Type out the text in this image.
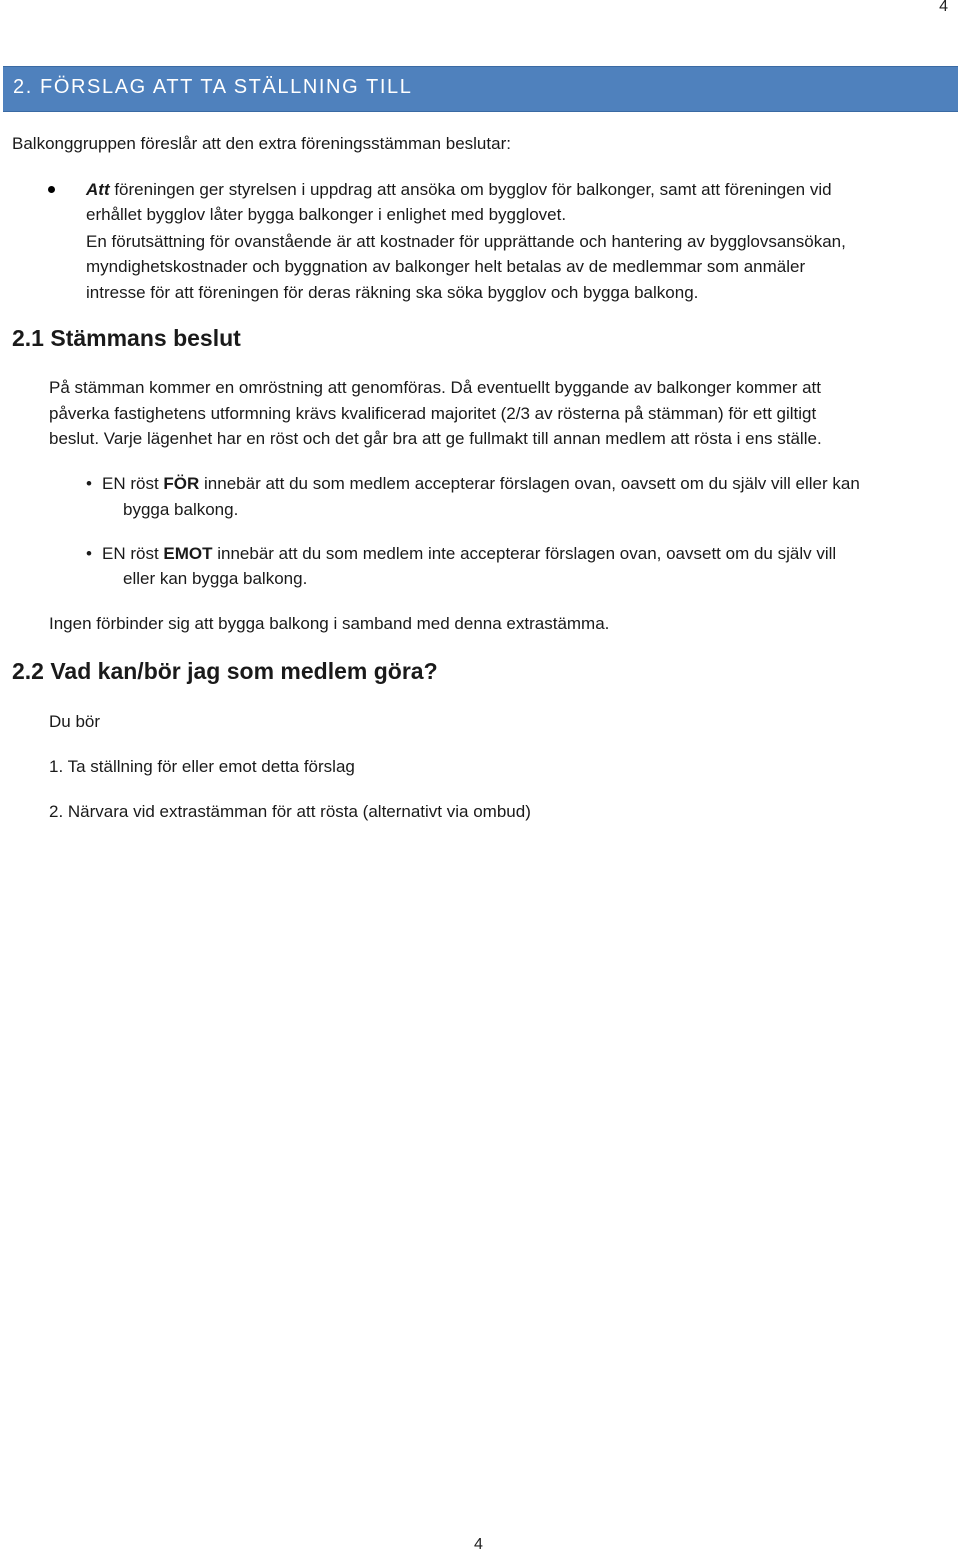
4
2. FÖRSLAG ATT TA STÄLLNING TILL
Balkonggruppen föreslår att den extra föreningsstämman beslutar:
Att föreningen ger styrelsen i uppdrag att ansöka om bygglov för balkonger, samt att föreningen vid
erhållet bygglov låter bygga balkonger i enlighet med bygglovet.
En förutsättning för ovanstående är att kostnader för upprättande och hantering av bygglovsansökan,
myndighetskostnader och byggnation av balkonger helt betalas av de medlemmar som anmäler
intresse för att föreningen för deras räkning ska söka bygglov och bygga balkong.
2.1 Stämmans beslut
På stämman kommer en omröstning att genomföras. Då eventuellt byggande av balkonger kommer att
påverka fastighetens utformning krävs kvalificerad majoritet (2/3 av rösterna på stämman) för ett giltigt
beslut. Varje lägenhet har en röst och det går bra att ge fullmakt till annan medlem att rösta i ens ställe.
• EN röst FÖR innebär att du som medlem accepterar förslagen ovan, oavsett om du själv vill eller kan
bygga balkong.
• EN röst EMOT innebär att du som medlem inte accepterar förslagen ovan, oavsett om du själv vill
eller kan bygga balkong.
Ingen förbinder sig att bygga balkong i samband med denna extrastämma.
2.2 Vad kan/bör jag som medlem göra?
Du bör
1. Ta ställning för eller emot detta förslag
2. Närvara vid extrastämman för att rösta (alternativt via ombud)
4
